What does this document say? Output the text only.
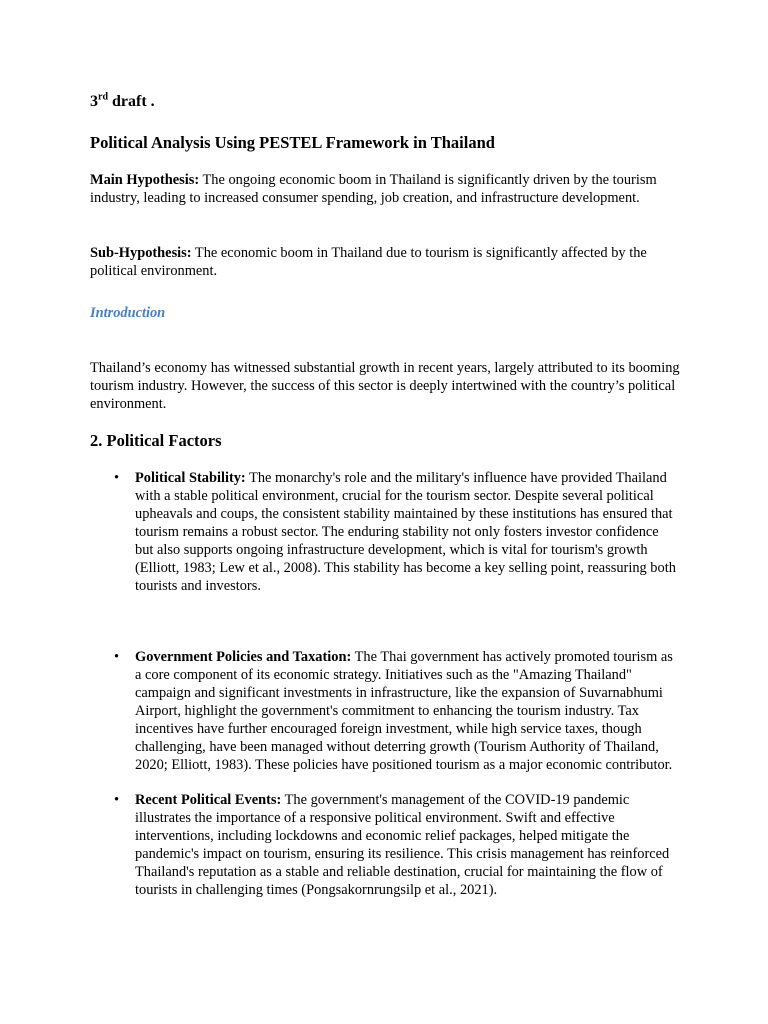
3rd draft .

Political Analysis Using PESTEL Framework in Thailand

Main Hypothesis: The ongoing economic boom in Thailand is significantly driven by the tourism industry, leading to increased consumer spending, job creation, and infrastructure development.

Sub-Hypothesis: The economic boom in Thailand due to tourism is significantly affected by the political environment.

Introduction

Thailand’s economy has witnessed substantial growth in recent years, largely attributed to its booming tourism industry. However, the success of this sector is deeply intertwined with the country’s political environment.

2. Political Factors
• Political Stability: The monarchy's role and the military's influence have provided Thailand with a stable political environment, crucial for the tourism sector. Despite several political upheavals and coups, the consistent stability maintained by these institutions has ensured that tourism remains a robust sector. The enduring stability not only fosters investor confidence but also supports ongoing infrastructure development, which is vital for tourism's growth (Elliott, 1983; Lew et al., 2008). This stability has become a key selling point, reassuring both tourists and investors.

• Government Policies and Taxation: The Thai government has actively promoted tourism as a core component of its economic strategy. Initiatives such as the "Amazing Thailand" campaign and significant investments in infrastructure, like the expansion of Suvarnabhumi Airport, highlight the government's commitment to enhancing the tourism industry. Tax incentives have further encouraged foreign investment, while high service taxes, though challenging, have been managed without deterring growth (Tourism Authority of Thailand, 2020; Elliott, 1983). These policies have positioned tourism as a major economic contributor.

• Recent Political Events: The government's management of the COVID-19 pandemic illustrates the importance of a responsive political environment. Swift and effective interventions, including lockdowns and economic relief packages, helped mitigate the pandemic's impact on tourism, ensuring its resilience. This crisis management has reinforced Thailand's reputation as a stable and reliable destination, crucial for maintaining the flow of tourists in challenging times (Pongsakornrungsilp et al., 2021).
